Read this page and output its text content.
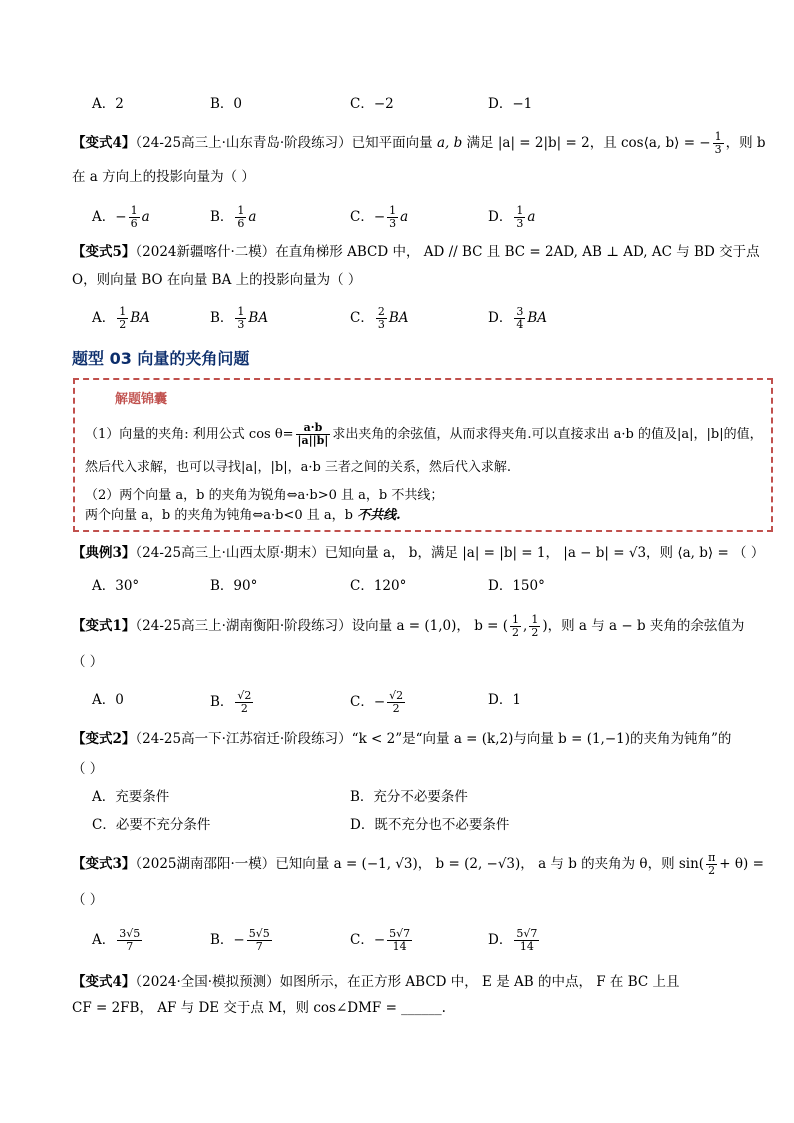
A．2	B．0	C．−2	D．−1
【变式4】（24-25高三上·山东青岛·阶段练习）已知平面向量 a, b 满足 |a| = 2|b| = 2，且 cos⟨a, b⟩ = − $\frac{1}{3}$ ，则 b
在 a 方向上的投影向量为（ ）
A．− $\frac{1}{6}$ a	B． $\frac{1}{6}$ a	C．− $\frac{1}{3}$ a	D． $\frac{1}{3}$ a
【变式5】（2024新疆喀什·二模）在直角梯形 ABCD 中， AD // BC 且 BC = 2AD, AB ⊥ AD, AC 与 BD 交于点
O，则向量 BO 在向量 BA 上的投影向量为（ ）
A． $\frac{1}{2}$ BA	B． $\frac{1}{3}$ BA	C． $\frac{2}{3}$ BA	D． $\frac{3}{4}$ BA
题型 03 向量的夹角问题
解题锦囊
（1）向量的夹角: 利用公式 $\cos \theta= \frac{a\cdot b}{|a||b|}$ 求出夹角的余弦值，从而求得夹角.可以直接求出 a·b 的值及|a|，|b|的值，
然后代入求解，也可以寻找|a|，|b|，a·b 三者之间的关系，然后代入求解.
（2）两个向量 a，b 的夹角为锐角⇔a·b>0 且 a，b 不共线；
两个向量 a，b 的夹角为钝角⇔a·b<0 且 a，b 不共线.
【典例3】（24-25高三上·山西太原·期末）已知向量 a， b，满足 |a| = |b| = 1， |a − b| = √3，则 ⟨a, b⟩ = （ ）
A．30°	B．90°	C．120°	D．150°
【变式1】（24-25高三上·湖南衡阳·阶段练习）设向量 a = (1,0)， b = ( $\frac{1}{2}$ , $\frac{1}{2}$ )，则 a 与 a − b 夹角的余弦值为
（ ）
A．0	B． $\frac{√2}{2}$	C．− $\frac{√2}{2}$	D．1
【变式2】（24-25高一下·江苏宿迁·阶段练习）“k < 2”是“向量 a = (k,2)与向量 b = (1,−1)的夹角为钝角”的
（ ）
A．充要条件	B．充分不必要条件
C．必要不充分条件	D．既不充分也不必要条件
【变式3】（2025湖南邵阳·一模）已知向量 a = (−1, √3)， b = (2, −√3)， a 与 b 的夹角为 θ，则 $\sin( \frac{\pi}{2} + \theta)$ =
（ ）
A． $\frac{3√5}{7}$	B．− $\frac{5√5}{7}$	C．− $\frac{5√7}{14}$	D． $\frac{5√7}{14}$
【变式4】（2024·全国·模拟预测）如图所示，在正方形 ABCD 中， E 是 AB 的中点， F 在 BC 上且
CF = 2FB， AF 与 DE 交于点 M，则 cos∠DMF = ______.
